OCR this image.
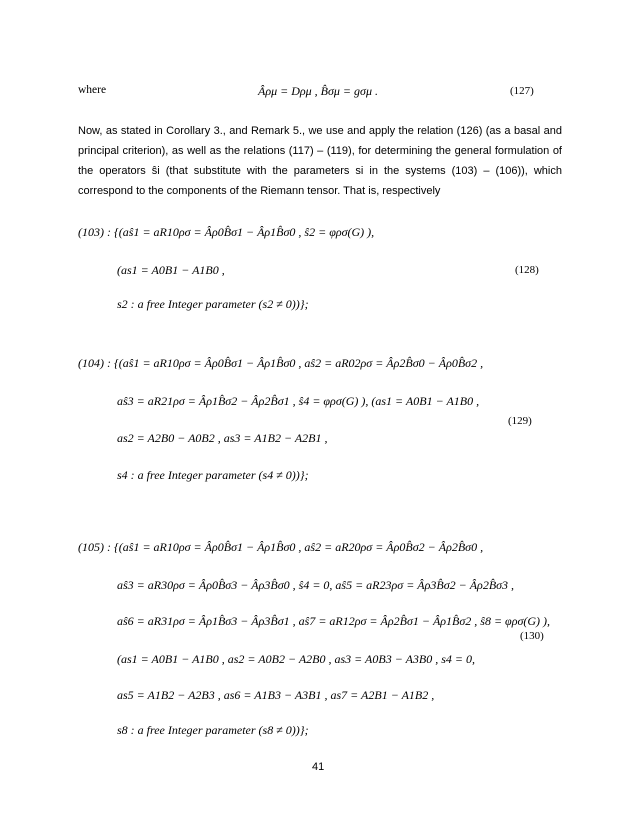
where	Âρμ = Dρμ , B̂σμ = gσμ .	(127)
Now, as stated in Corollary 3., and Remark 5., we use and apply the relation (126) (as a basal and principal criterion), as well as the relations (117) – (119), for determining the general formulation of the operators ŝi (that substitute with the parameters si in the systems (103) – (106)), which correspond to the components of the Riemann tensor. That is, respectively
(103) : {(aŝ1 = aR10ρσ = Âρ0B̂σ1 − Âρ1B̂σ0 , ŝ2 = φρσ(G) ),
(as1 = A0B1 − A1B0 ,	(128)
s2 : a free Integer parameter (s2 ≠ 0))};
(104) : {(aŝ1 = aR10ρσ = Âρ0B̂σ1 − Âρ1B̂σ0 , aŝ2 = aR02ρσ = Âρ2B̂σ0 − Âρ0B̂σ2 ,
aŝ3 = aR21ρσ = Âρ1B̂σ2 − Âρ2B̂σ1 , ŝ4 = φρσ(G) ), (as1 = A0B1 − A1B0 ,
(129)
as2 = A2B0 − A0B2 , as3 = A1B2 − A2B1 ,
s4 : a free Integer parameter (s4 ≠ 0))};
(105) : {(aŝ1 = aR10ρσ = Âρ0B̂σ1 − Âρ1B̂σ0 , aŝ2 = aR20ρσ = Âρ0B̂σ2 − Âρ2B̂σ0 ,
aŝ3 = aR30ρσ = Âρ0B̂σ3 − Âρ3B̂σ0 , ŝ4 = 0, aŝ5 = aR23ρσ = Âρ3B̂σ2 − Âρ2B̂σ3 ,
aŝ6 = aR31ρσ = Âρ1B̂σ3 − Âρ3B̂σ1 , aŝ7 = aR12ρσ = Âρ2B̂σ1 − Âρ1B̂σ2 , ŝ8 = φρσ(G) ),
(130)
(as1 = A0B1 − A1B0 , as2 = A0B2 − A2B0 , as3 = A0B3 − A3B0 , s4 = 0,
as5 = A1B2 − A2B3 , as6 = A1B3 − A3B1 , as7 = A2B1 − A1B2 ,
s8 : a free Integer parameter (s8 ≠ 0))};
41
